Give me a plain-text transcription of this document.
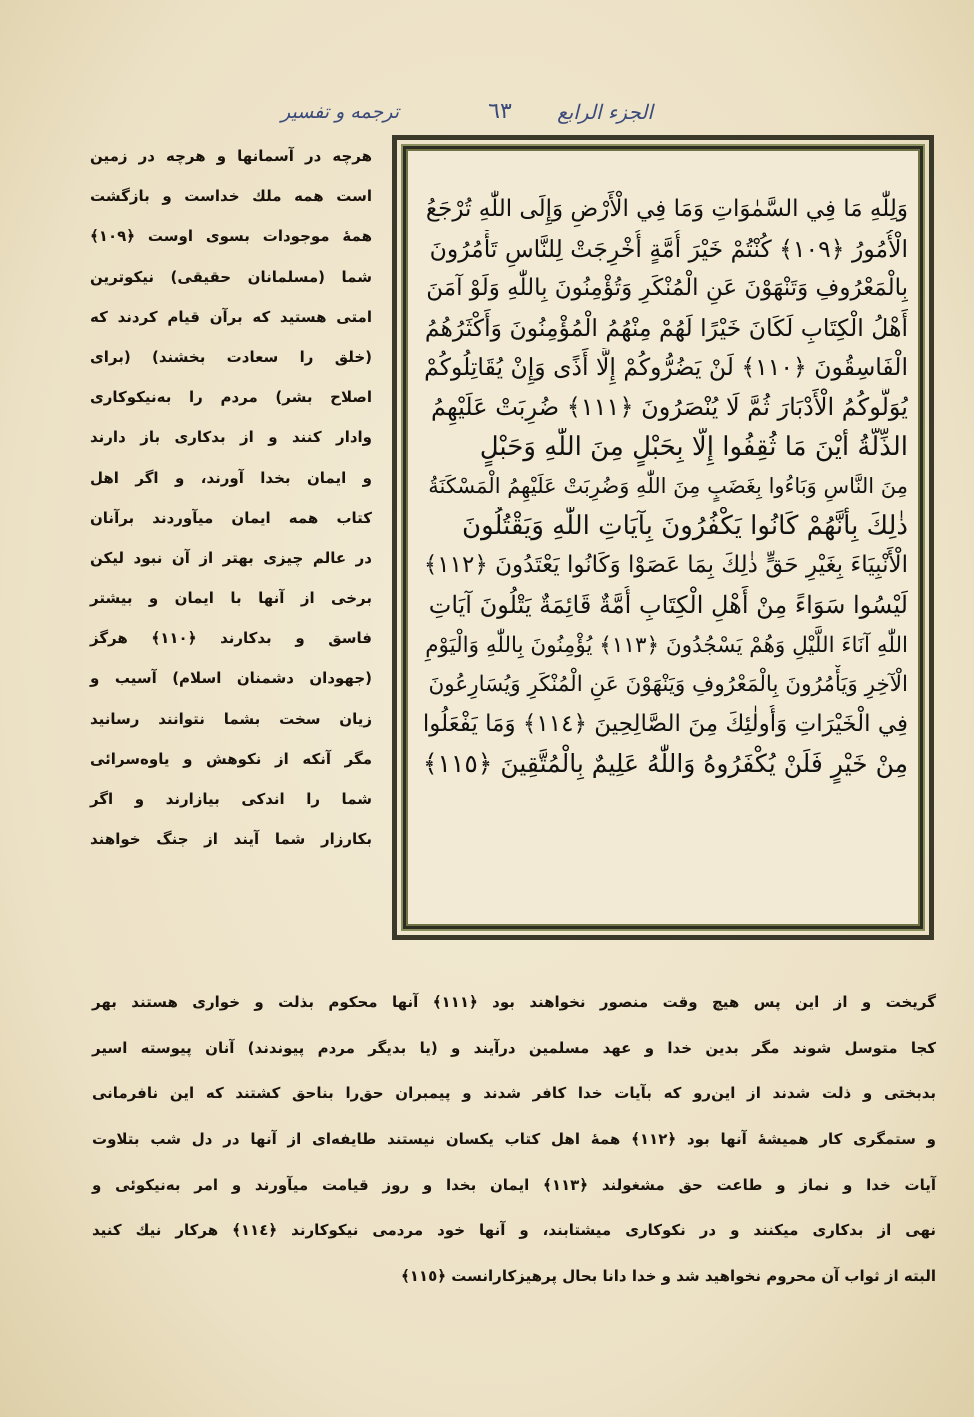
الجزء الرابع
٦٣
ترجمه و تفسير
وَلِلّٰهِ مَا فِي السَّمٰوَاتِ وَمَا فِي الْأَرْضِ وَإِلَى اللّٰهِ تُرْجَعُ
الْأُمُورُ ﴿١٠٩﴾ كُنْتُمْ خَيْرَ أُمَّةٍ أُخْرِجَتْ لِلنَّاسِ تَأْمُرُونَ
بِالْمَعْرُوفِ وَتَنْهَوْنَ عَنِ الْمُنْكَرِ وَتُؤْمِنُونَ بِاللّٰهِ وَلَوْ آمَنَ
أَهْلُ الْكِتَابِ لَكَانَ خَيْرًا لَهُمْ مِنْهُمُ الْمُؤْمِنُونَ وَأَكْثَرُهُمُ
الْفَاسِقُونَ ﴿١١٠﴾ لَنْ يَضُرُّوكُمْ إِلَّا أَذًى وَإِنْ يُقَاتِلُوكُمْ
يُوَلُّوكُمُ الْأَدْبَارَ ثُمَّ لَا يُنْصَرُونَ ﴿١١١﴾ ضُرِبَتْ عَلَيْهِمُ
الذِّلَّةُ أَيْنَ مَا ثُقِفُوا إِلَّا بِحَبْلٍ مِنَ اللّٰهِ وَحَبْلٍ
مِنَ النَّاسِ وَبَاءُوا بِغَضَبٍ مِنَ اللّٰهِ وَضُرِبَتْ عَلَيْهِمُ الْمَسْكَنَةُ
ذٰلِكَ بِأَنَّهُمْ كَانُوا يَكْفُرُونَ بِآيَاتِ اللّٰهِ وَيَقْتُلُونَ
الْأَنْبِيَاءَ بِغَيْرِ حَقٍّ ذٰلِكَ بِمَا عَصَوْا وَكَانُوا يَعْتَدُونَ ﴿١١٢﴾
لَيْسُوا سَوَاءً مِنْ أَهْلِ الْكِتَابِ أُمَّةٌ قَائِمَةٌ يَتْلُونَ آيَاتِ
اللّٰهِ آنَاءَ اللَّيْلِ وَهُمْ يَسْجُدُونَ ﴿١١٣﴾ يُؤْمِنُونَ بِاللّٰهِ وَالْيَوْمِ
الْآخِرِ وَيَأْمُرُونَ بِالْمَعْرُوفِ وَيَنْهَوْنَ عَنِ الْمُنْكَرِ وَيُسَارِعُونَ
فِي الْخَيْرَاتِ وَأُولٰئِكَ مِنَ الصَّالِحِينَ ﴿١١٤﴾ وَمَا يَفْعَلُوا
مِنْ خَيْرٍ فَلَنْ يُكْفَرُوهُ وَاللّٰهُ عَلِيمٌ بِالْمُتَّقِينَ ﴿١١٥﴾
هرچه در آسمانها و هرچه در زمين
است همه ملك خداست و بازگشت
همهٔ موجودات بسوی اوست ﴿١٠٩﴾
شما (مسلمانان حقيقى) نيكوترين
امتى هستيد كه برآن قيام كردند كه
(خلق را سعادت بخشند) (براى
اصلاح بشر) مردم را به‌نيكوكارى
وادار كنند و از بدكارى باز دارند
و ايمان بخدا آورند، و اگر اهل
كتاب همه ايمان ميآوردند برآنان
در عالم چيزى بهتر از آن نبود ليكن
برخى از آنها با ايمان و بيشتر
فاسق و بدكارند ﴿١١٠﴾ هرگز
(جهودان دشمنان اسلام) آسيب و
زيان سخت بشما نتوانند رسانيد
مگر آنكه از نكوهش و ياوه‌سرائى
شما را اندكى بيازارند و اگر
بكارزار شما آيند از جنگ خواهند
گريخت و از اين پس هيچ وقت منصور نخواهند بود ﴿١١١﴾ آنها محكوم بذلت و خوارى هستند بهر
كجا متوسل شوند مگر بدين خدا و عهد مسلمين درآيند و (يا بديگر مردم پيوندند) آنان پيوسته اسير
بدبختى و ذلت شدند از اين‌رو كه بآيات خدا كافر شدند و پيمبران حق‌را بناحق كشتند كه اين نافرمانى
و ستمگرى كار هميشهٔ آنها بود ﴿١١٢﴾ همهٔ اهل كتاب يكسان نيستند طايفه‌اى از آنها در دل شب بتلاوت
آيات خدا و نماز و طاعت حق مشغولند ﴿١١٣﴾ ايمان بخدا و روز قيامت ميآورند و امر به‌نيكوئى و
نهى از بدكارى ميكنند و در نكوكارى ميشتابند، و آنها خود مردمى نيكوكارند ﴿١١٤﴾ هركار نيك كنيد
البته از ثواب آن محروم نخواهيد شد و خدا دانا بحال پرهيزكارانست ﴿١١٥﴾
